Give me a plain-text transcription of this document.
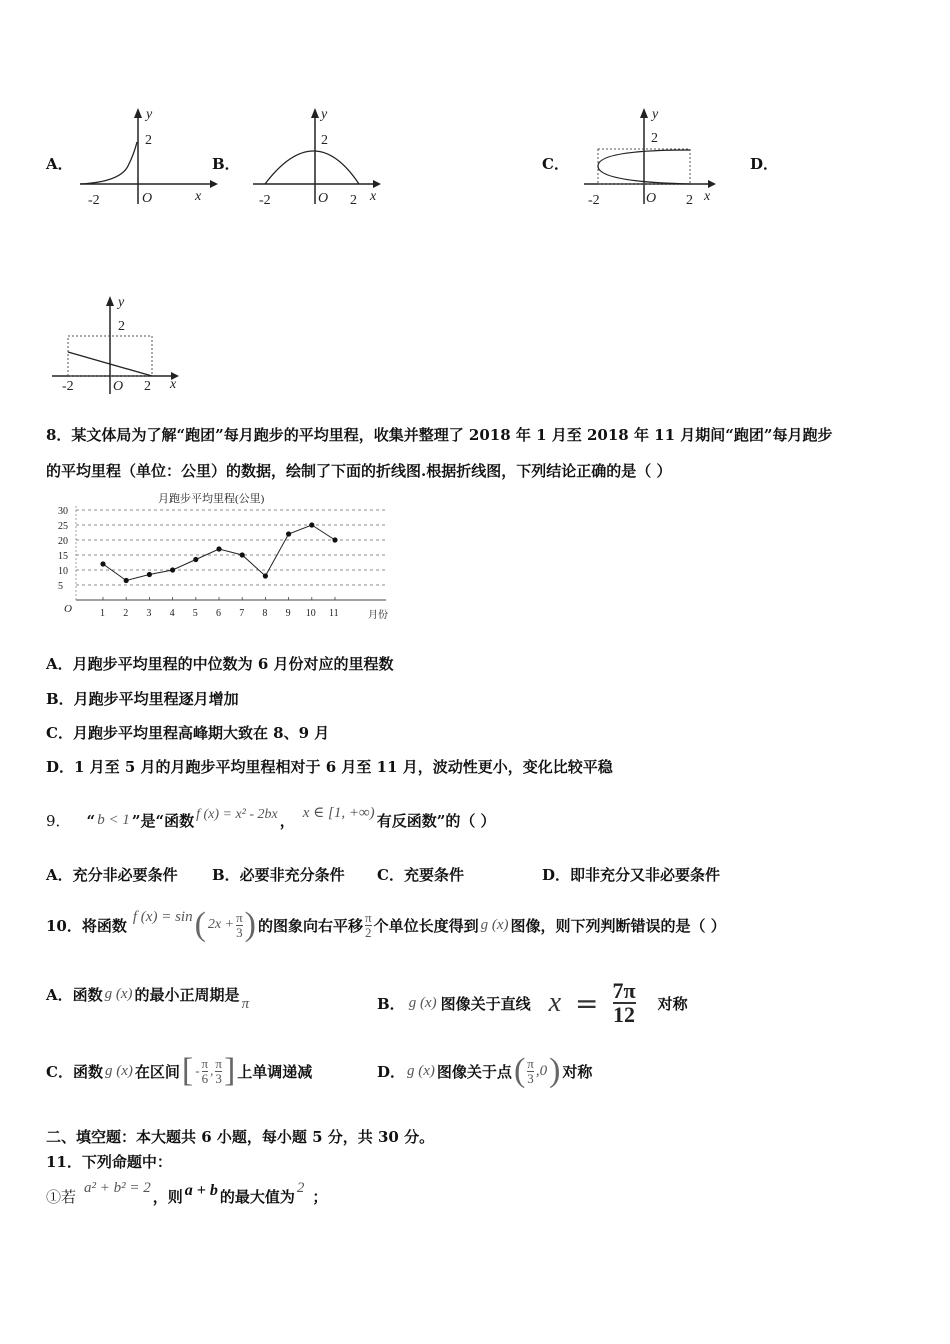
A．
y
2
O
-2	x
B．
y
2
O
-2	2 x
C．
y
2
O
-2	2 x
D．
y
2
O
-2	2 x
8．某文体局为了解“跑团”每月跑步的平均里程，收集并整理了 2018 年 1 月至 2018 年 11 月期间“跑团”每月跑步
的平均里程（单位：公里）的数据，绘制了下面的折线图.根据折线图，下列结论正确的是（ ）
月跑步平均里程(公里)
O
月份
5
10
15
20
25
30
1 2 3 4 5 6 7 8 9 10 11
A．月跑步平均里程的中位数为 6 月份对应的里程数
B．月跑步平均里程逐月增加
C．月跑步平均里程高峰期大致在 8、9 月
D．1 月至 5 月的月跑步平均里程相对于 6 月至 11 月，波动性更小，变化比较平稳
9． “ b < 1 ”是“函数 f (x) = x² - 2bx ， x ∈ [1, +∞) 有反函数”的（ ）
A．充分非必要条件 B．必要非充分条件 C．充要条件	D．即非充分又非必要条件
10．将函数 f (x) = sin ( $2x + \frac{\pi}{3}$ ) 的图象向右平移 $\frac{\pi}{2}$ 个单位长度得到 g (x) 图像，则下列判断错误的是（ ）
A．函数 g (x) 的最小正周期是 π	B． g (x) 图像关于直线 $x = \frac{7\pi}{12}$ 对称
C．函数 g (x) 在区间 [ - $\frac{\pi}{6}$ , $\frac{\pi}{3}$ ] 上单调递减	D． g (x) 图像关于点 ( $\frac{\pi}{3} ,0$ ) 对称
二、填空题：本大题共 6 小题，每小题 5 分，共 30 分。
11．下列命题中：
①若 a² + b² = 2 ，则 a + b 的最大值为 2 ；
